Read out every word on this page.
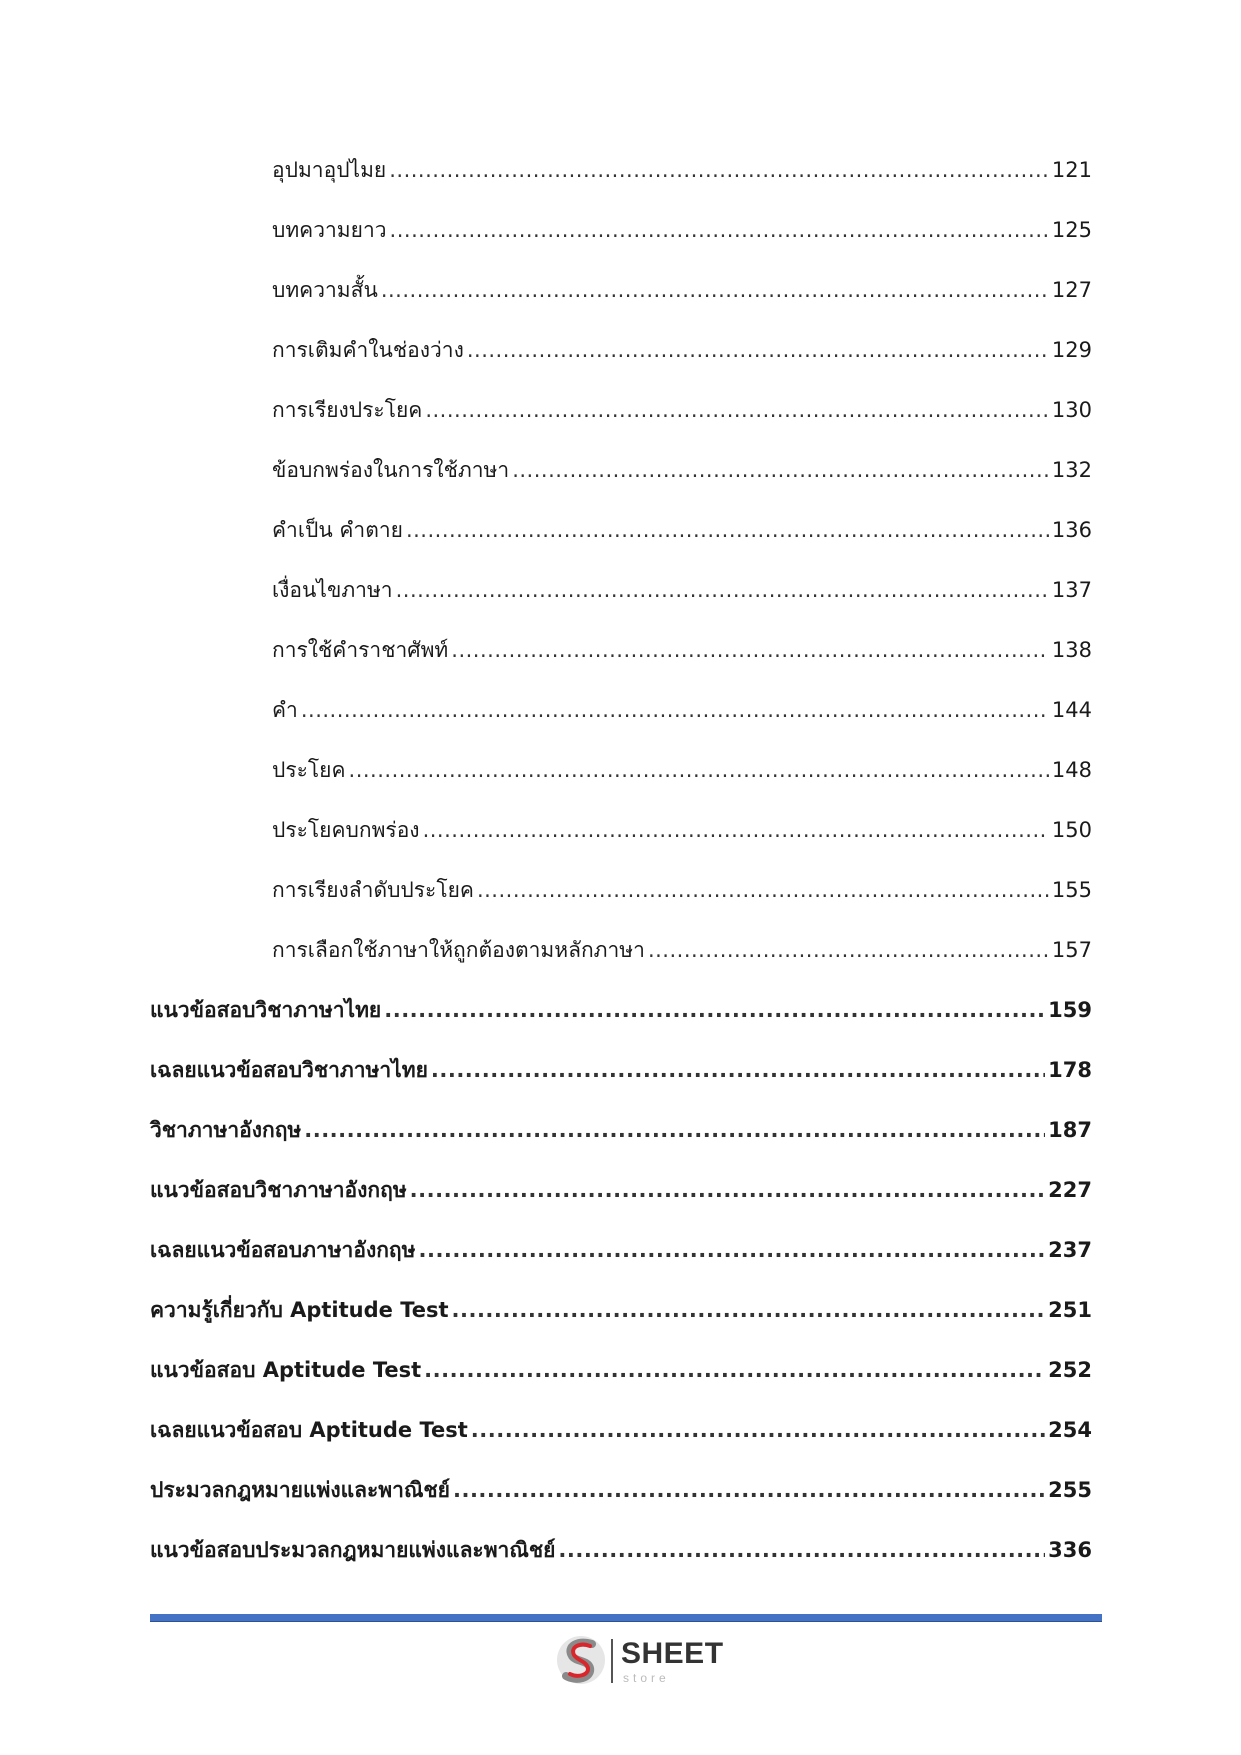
อุปมาอุปไมย .....	121
บทความยาว .....	125
บทความสั้น .....	127
การเติมคำในช่องว่าง .....	129
การเรียงประโยค .....	130
ข้อบกพร่องในการใช้ภาษา .....	132
คำเป็น คำตาย .....	136
เงื่อนไขภาษา .....	137
การใช้คำราชาศัพท์ .....	138
คำ .....	144
ประโยค .....	148
ประโยคบกพร่อง .....	150
การเรียงลำดับประโยค .....	155
การเลือกใช้ภาษาให้ถูกต้องตามหลักภาษา .....	157
แนวข้อสอบวิชาภาษาไทย .....	159
เฉลยแนวข้อสอบวิชาภาษาไทย .....	178
วิชาภาษาอังกฤษ .....	187
แนวข้อสอบวิชาภาษาอังกฤษ .....	227
เฉลยแนวข้อสอบภาษาอังกฤษ .....	237
ความรู้เกี่ยวกับ Aptitude Test .....	251
แนวข้อสอบ Aptitude Test .....	252
เฉลยแนวข้อสอบ Aptitude Test .....	254
ประมวลกฎหมายแพ่งและพาณิชย์ .....	255
แนวข้อสอบประมวลกฎหมายแพ่งและพาณิชย์ .....	336
SHEET
store
